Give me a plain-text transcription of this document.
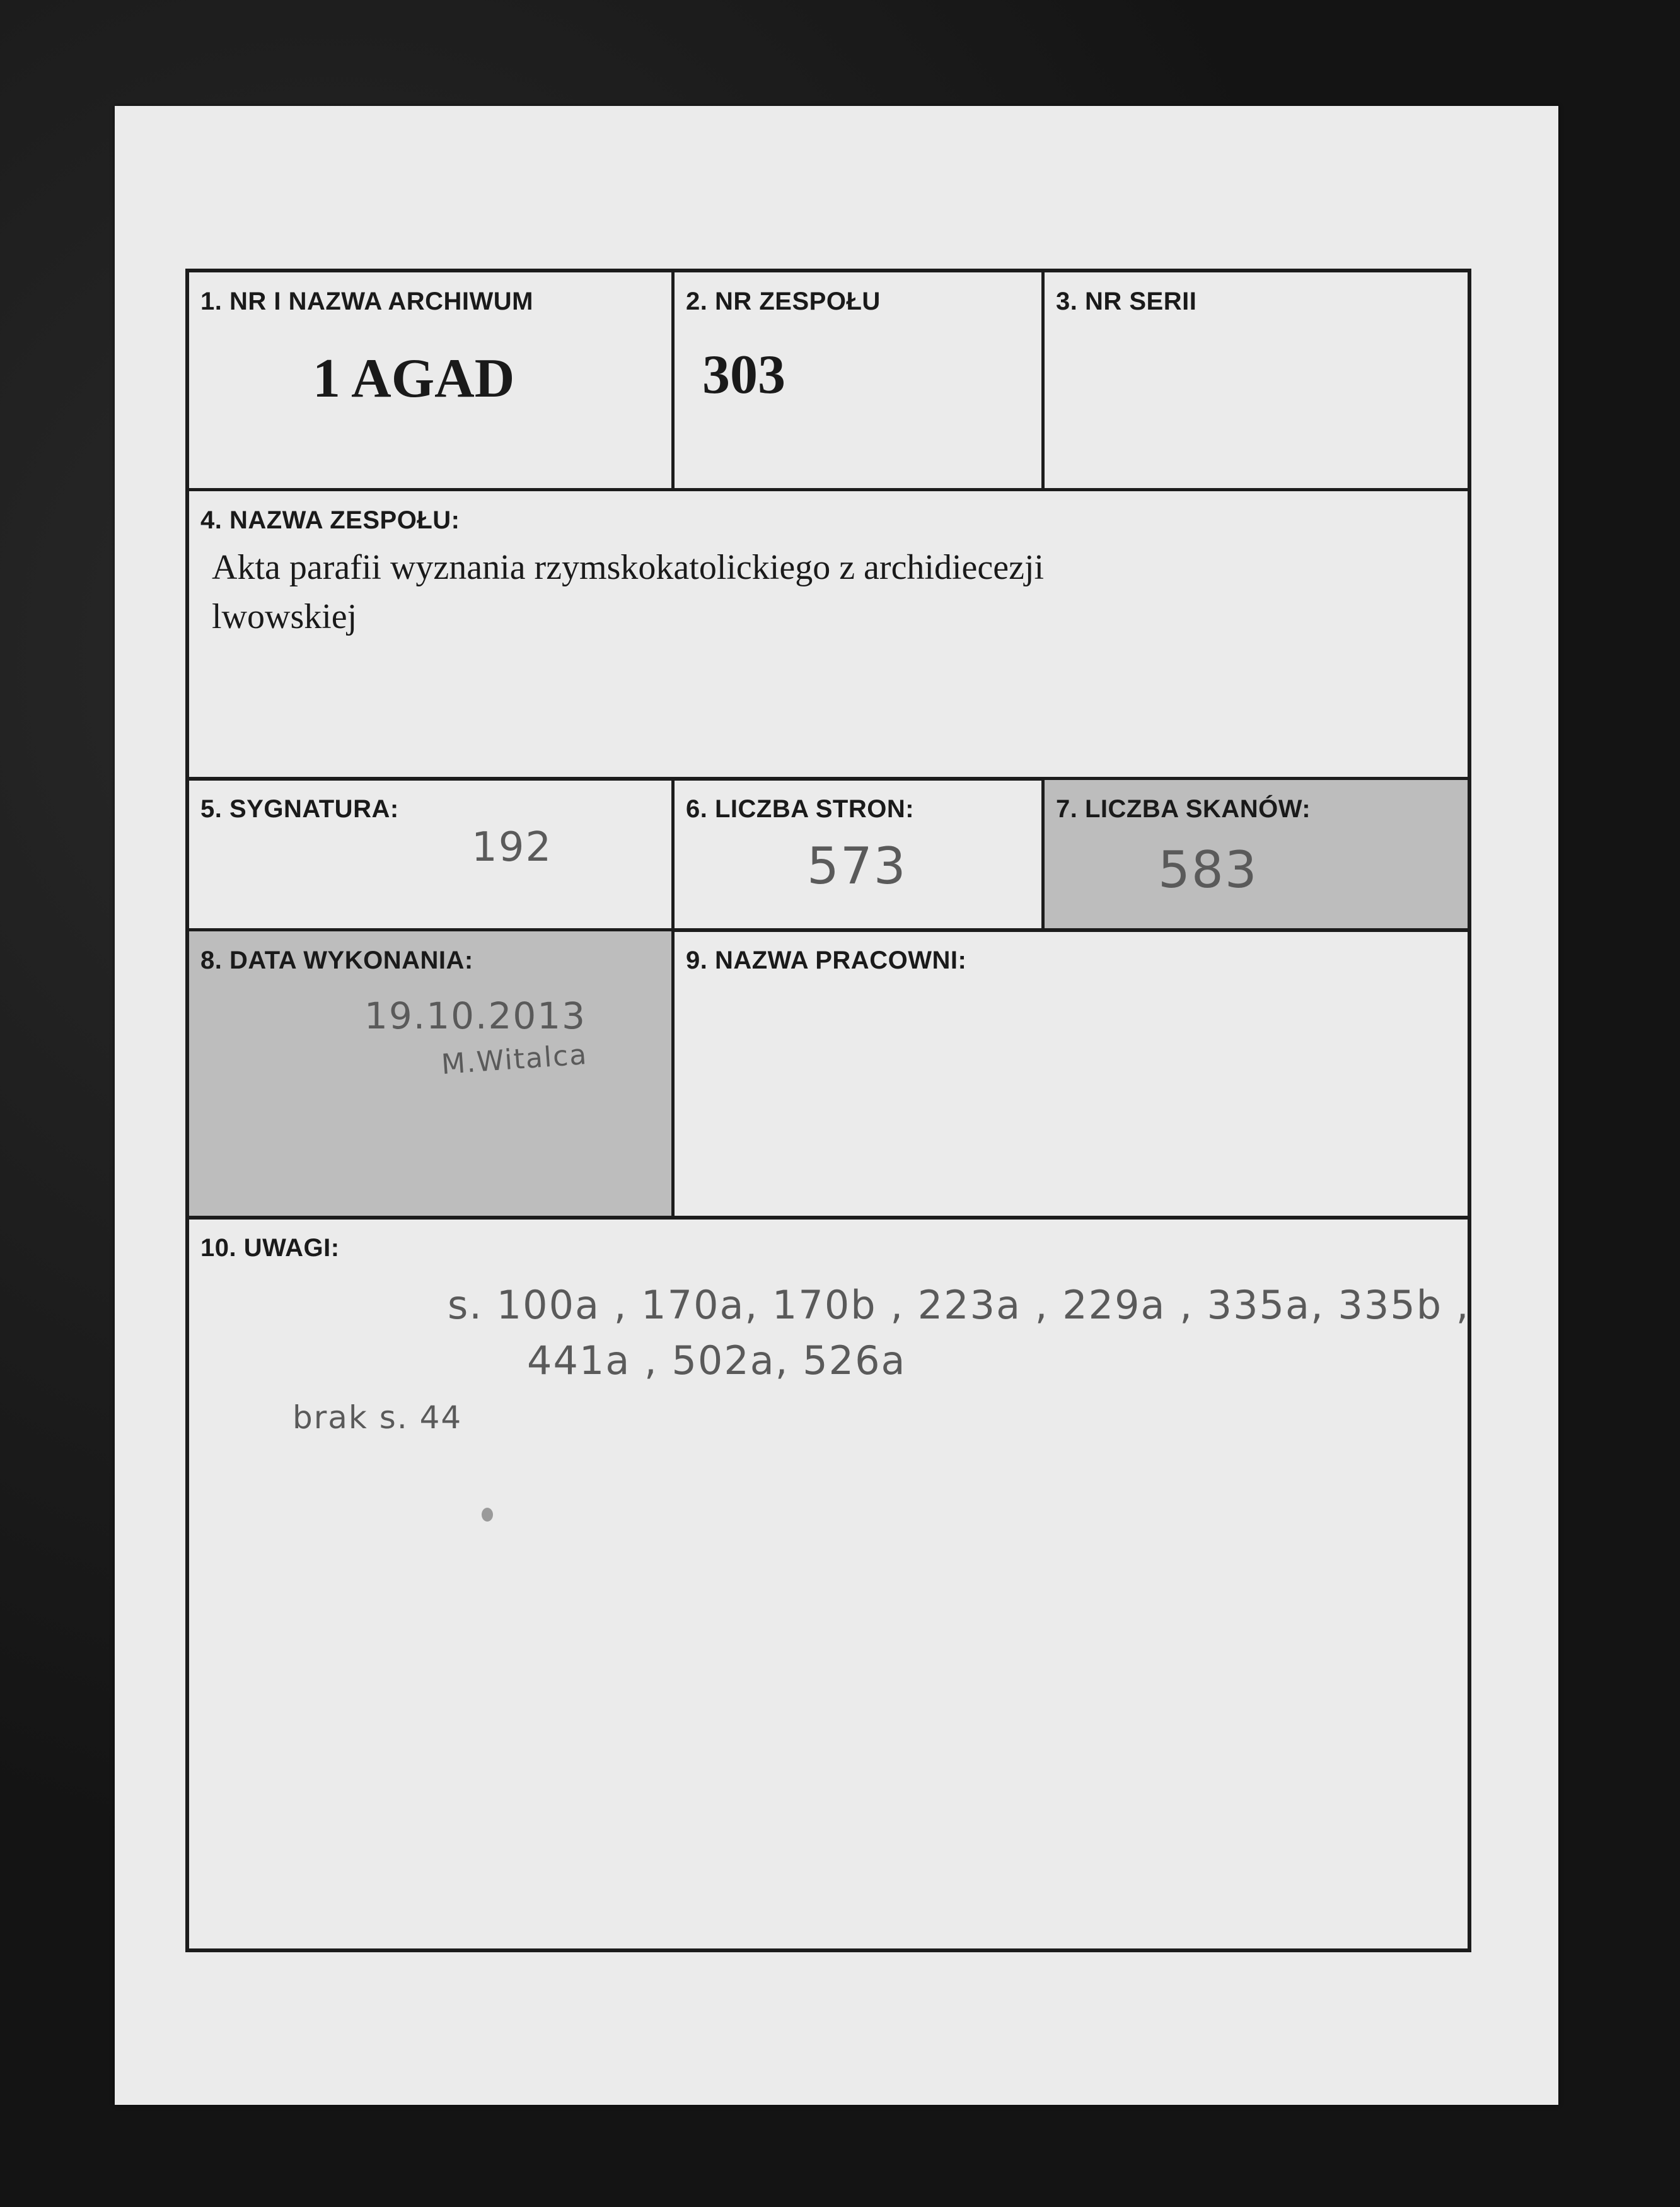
1. NR I NAZWA ARCHIWUM
1 AGAD
2. NR ZESPOŁU
303
3. NR SERII
4. NAZWA ZESPOŁU:
Akta parafii wyznania rzymskokatolickiego z archidiecezji lwowskiej
5. SYGNATURA:
192
6. LICZBA STRON:
573
7. LICZBA SKANÓW:
583
8. DATA WYKONANIA:
19.10.2013
M.Witalca
9. NAZWA PRACOWNI:
10. UWAGI:
s. 100a , 170a, 170b , 223a , 229a , 335a, 335b ,
441a , 502a, 526a
brak s. 44
